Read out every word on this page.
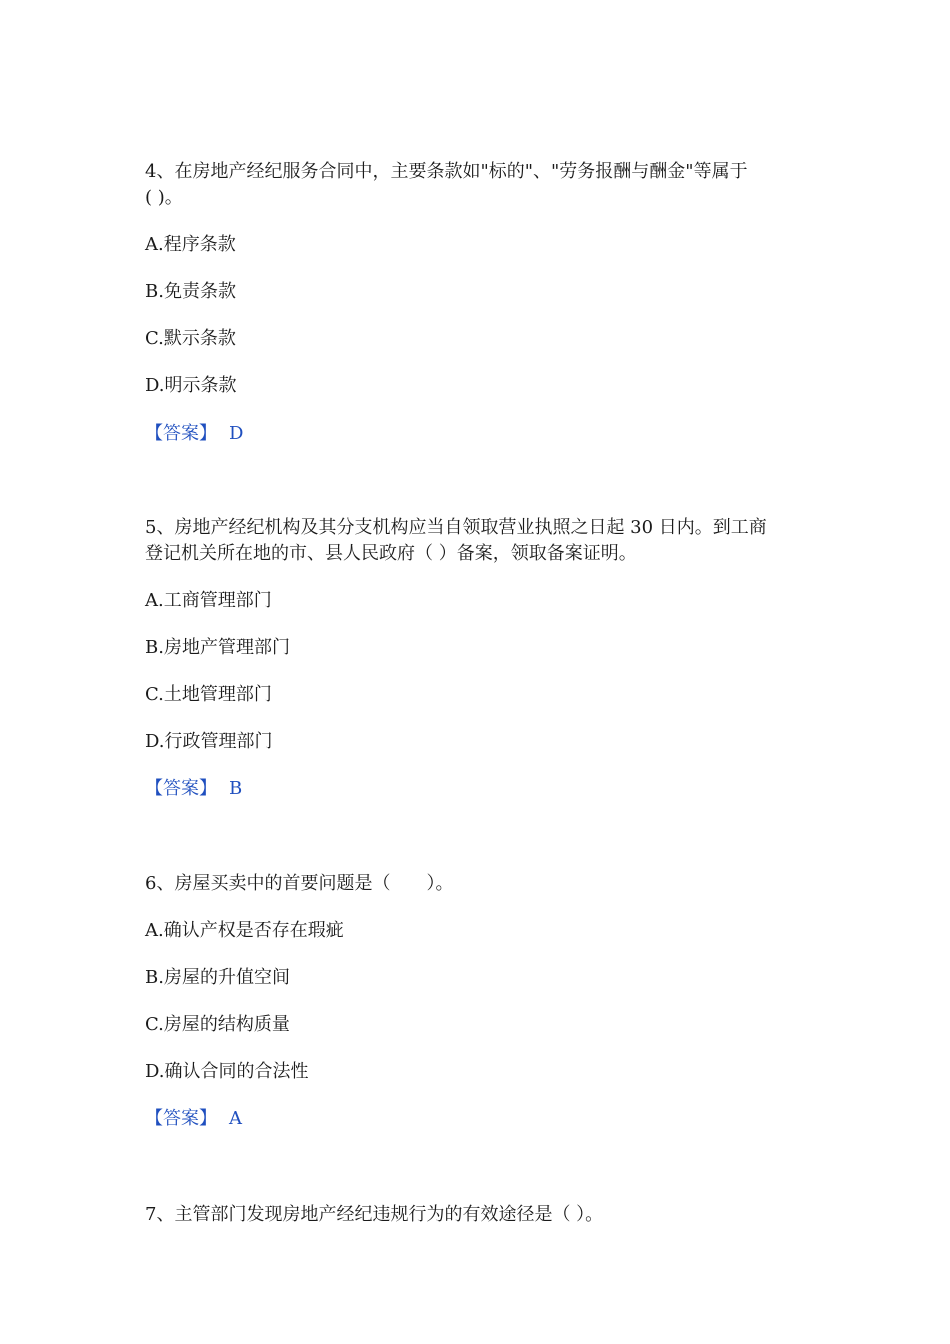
4、在房地产经纪服务合同中，主要条款如"标的"、"劳务报酬与酬金"等属于
( )。
A.程序条款
B.免责条款
C.默示条款
D.明示条款
【答案】 D
5、房地产经纪机构及其分支机构应当自领取营业执照之日起 30 日内。到工商
登记机关所在地的市、县人民政府（ ）备案，领取备案证明。
A.工商管理部门
B.房地产管理部门
C.土地管理部门
D.行政管理部门
【答案】 B
6、房屋买卖中的首要问题是（　　）。
A.确认产权是否存在瑕疵
B.房屋的升值空间
C.房屋的结构质量
D.确认合同的合法性
【答案】 A
7、主管部门发现房地产经纪违规行为的有效途径是（ ）。
